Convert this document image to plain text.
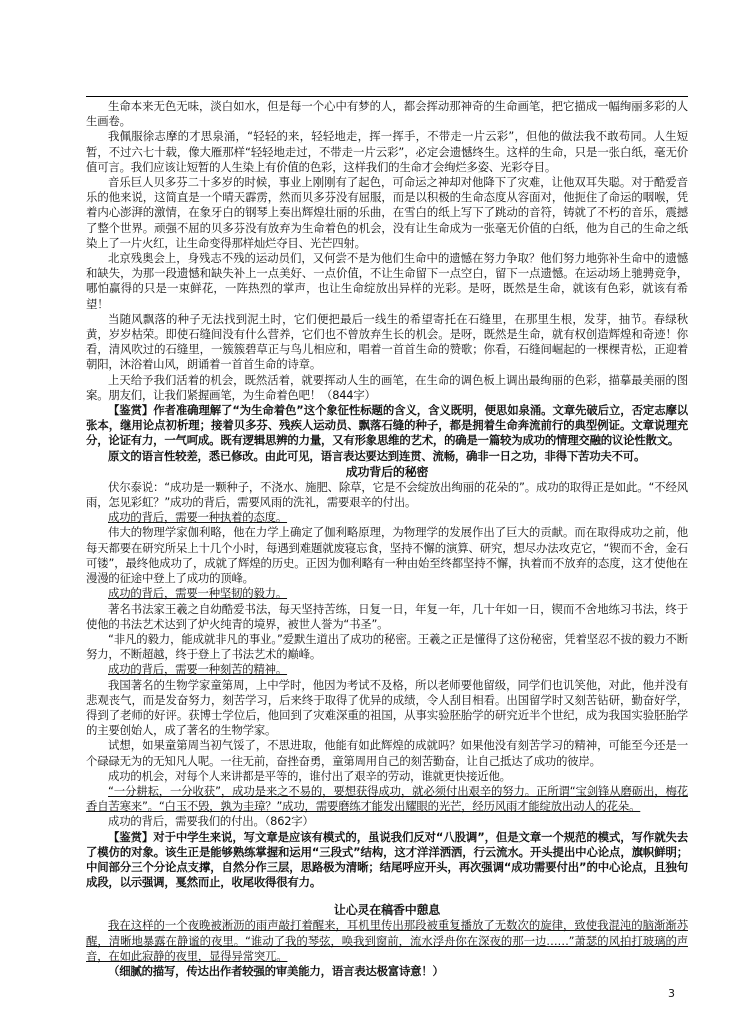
生命本来无色无味，淡白如水，但是每一个心中有梦的人，都会挥动那神奇的生命画笔，把它描成一幅绚丽多彩的人生画卷。

我佩服徐志摩的才思泉涌，“轻轻的来，轻轻地走，挥一挥手，不带走一片云彩”，但他的做法我不敢苟同。人生短暂，不过六七十载，像大雁那样“轻轻地走过，不带走一片云彩”，必定会遗憾终生。这样的生命，只是一张白纸，毫无价值可言。我们应该让短暂的人生染上有价值的色彩，这样我们的生命才会绚烂多姿、光彩夺目。

音乐巨人贝多芬二十多岁的时候，事业上刚刚有了起色，可命运之神却对他降下了灾难，让他双耳失聪。对于酷爱音乐的他来说，这简直是一个晴天霹雳，然而贝多芬没有屈服，而是以积极的生命态度从容面对，他扼住了命运的咽喉，凭着内心澎湃的激情，在象牙白的钢琴上奏出辉煌壮丽的乐曲，在雪白的纸上写下了跳动的音符，铸就了不朽的音乐，震撼了整个世界。顽强不屈的贝多芬没有放弃为生命着色的机会，没有让生命成为一张毫无价值的白纸，他为自己的生命之纸染上了一片火红，让生命变得那样灿烂夺目、光芒四射。

北京残奥会上，身残志不残的运动员们，又何尝不是为他们生命中的遗憾在努力争取？他们努力地弥补生命中的遗憾和缺失，为那一段遗憾和缺失补上一点美好、一点价值，不让生命留下一点空白，留下一点遗憾。在运动场上驰骋竞争，哪怕赢得的只是一束鲜花，一阵热烈的掌声，也让生命绽放出异样的光彩。是呀，既然是生命，就该有色彩，就该有希望！

当随风飘落的种子无法找到泥土时，它们便把最后一线生的希望寄托在石缝里，在那里生根，发芽，抽节。春绿秋黄，岁岁枯荣。即使石缝间没有什么营养，它们也不曾放弃生长的机会。是呀，既然是生命，就有权创造辉煌和奇迹！你看，清风吹过的石缝里，一簇簇碧草正与鸟儿相应和，唱着一首首生命的赞歌；你看，石缝间崛起的一棵棵青松，正迎着朝阳，沐浴着山风，朗诵着一首首生命的诗章。

上天给予我们活着的机会，既然活着，就要挥动人生的画笔，在生命的调色板上调出最绚丽的色彩，描摹最美丽的图案。朋友们，让我们紧握画笔，为生命着色吧！（844字）

【鉴赏】作者准确理解了“为生命着色”这个象征性标题的含义，含义既明，便思如泉涌。文章先破后立，否定志摩以张本，继用论点初析理；接着贝多芬、残疾人运动员、飘落石缝的种子，都是拥着生命奔流前行的典型例证。文章说理充分，论证有力，一气呵成。既有逻辑思辨的力量，又有形象思维的艺术，的确是一篇较为成功的情理交融的议论性散文。

原文的语言性较差，悉已修改。由此可见，语言表达要达到连贯、流畅，确非一日之功，非得下苦功夫不可。

成功背后的秘密

伏尔泰说：“成功是一颗种子，不浇水、施肥、除草，它是不会绽放出绚丽的花朵的”。成功的取得正是如此。“不经风雨，怎见彩虹？”成功的背后，需要风雨的洗礼，需要艰辛的付出。

成功的背后，需要一种执着的态度。

伟大的物理学家伽利略，他在力学上确定了伽利略原理，为物理学的发展作出了巨大的贡献。而在取得成功之前，他每天都要在研究所呆上十几个小时，每遇到难题就废寝忘食，坚持不懈的演算、研究，想尽办法攻克它，“锲而不舍，金石可镂”，最终他成功了，成就了辉煌的历史。正因为伽利略有一种由始至终都坚持不懈，执着而不放弃的态度，这才使他在漫漫的征途中登上了成功的顶峰。

成功的背后，需要一种坚韧的毅力。

著名书法家王羲之自幼酷爱书法，每天坚持苦练，日复一日，年复一年，几十年如一日，锲而不舍地练习书法，终于使他的书法艺术达到了炉火纯青的境界，被世人誉为“书圣”。

“非凡的毅力，能成就非凡的事业。”爱默生道出了成功的秘密。王羲之正是懂得了这份秘密，凭着坚忍不拔的毅力不断努力，不断超越，终于登上了书法艺术的巅峰。

成功的背后，需要一种刻苦的精神。

我国著名的生物学家童第周，上中学时，他因为考试不及格，所以老师要他留级，同学们也讥笑他，对此，他并没有悲观丧气，而是发奋努力，刻苦学习，后来终于取得了优异的成绩，令人刮目相看。出国留学时又刻苦钻研，勤奋好学，得到了老师的好评。获博士学位后，他回到了灾难深重的祖国，从事实验胚胎学的研究近半个世纪，成为我国实验胚胎学的主要创始人，成了著名的生物学家。

试想，如果童第周当初气馁了，不思进取，他能有如此辉煌的成就吗？如果他没有刻苦学习的精神，可能至今还是一个碌碌无为的无知凡人呢。一往无前，奋挫奋勇，童第周用自己的刻苦勤奋，让自己抵达了成功的彼岸。

成功的机会，对每个人来讲都是平等的，谁付出了艰辛的劳动，谁就更快接近他。

“一分耕耘，一分收获”，成功是来之不易的，要想获得成功，就必须付出艰辛的努力。正所谓“宝剑锋从磨砺出，梅花香自苦寒来”。“白玉不毁，孰为圭璋？”成功，需要磨练才能发出耀眼的光芒，经历风雨才能绽放出动人的花朵。

成功的背后，需要我们的付出。（862字）

【鉴赏】对于中学生来说，写文章是应该有模式的，虽说我们反对“八股调”，但是文章一个规范的模式，写作就失去了模仿的对象。该生正是能够熟练掌握和运用“三段式”结构，这才洋洋洒洒，行云流水。开头提出中心论点，旗帜鲜明；中间部分三个分论点支撑，自然分作三层，思路极为清晰；结尾呼应开头，再次强调“成功需要付出”的中心论点，且独句成段，以示强调，戛然而止，收尾收得很有力。

让心灵在稿香中憩息

我在这样的一个夜晚被淅沥的雨声敲打着醒来，耳机里传出那段被重复播放了无数次的旋律，致使我混沌的脑渐渐苏醒，清晰地暴露在静谧的夜里。“谁动了我的琴弦，唤我到窗前，流水浮舟你在深夜的那一边……”萧瑟的风拍打玻璃的声音，在如此寂静的夜里，显得异常突兀。

（细腻的描写，传达出作者较强的审美能力，语言表达极富诗意！）

3
